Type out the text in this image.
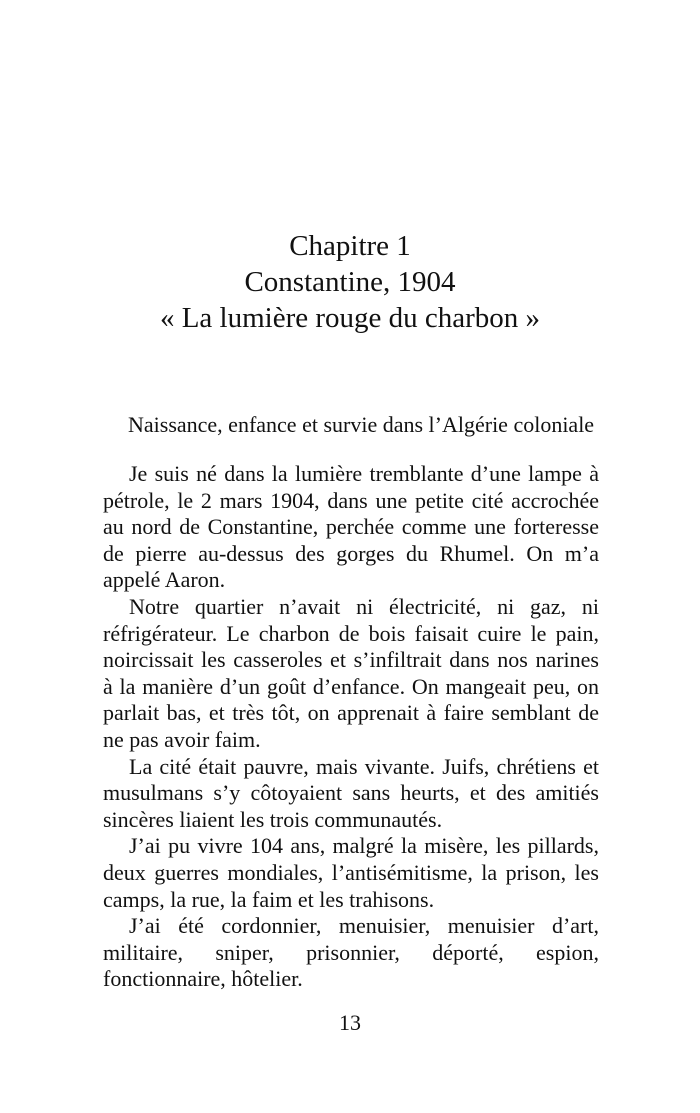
Chapitre 1
Constantine, 1904
« La lumière rouge du charbon »
Naissance, enfance et survie dans l’Algérie coloniale

Je suis né dans la lumière tremblante d’une lampe à pétrole, le 2 mars 1904, dans une petite cité accrochée au nord de Constantine, perchée comme une forteresse de pierre au-dessus des gorges du Rhumel. On m’a appelé Aaron.

Notre quartier n’avait ni électricité, ni gaz, ni réfrigérateur. Le charbon de bois faisait cuire le pain, noircissait les casseroles et s’infiltrait dans nos narines à la manière d’un goût d’enfance. On mangeait peu, on parlait bas, et très tôt, on apprenait à faire semblant de ne pas avoir faim.

La cité était pauvre, mais vivante. Juifs, chrétiens et musulmans s’y côtoyaient sans heurts, et des amitiés sincères liaient les trois communautés.

J’ai pu vivre 104 ans, malgré la misère, les pillards, deux guerres mondiales, l’antisémitisme, la prison, les camps, la rue, la faim et les trahisons.

J’ai été cordonnier, menuisier, menuisier d’art, militaire, sniper, prisonnier, déporté, espion, fonctionnaire, hôtelier.

13
